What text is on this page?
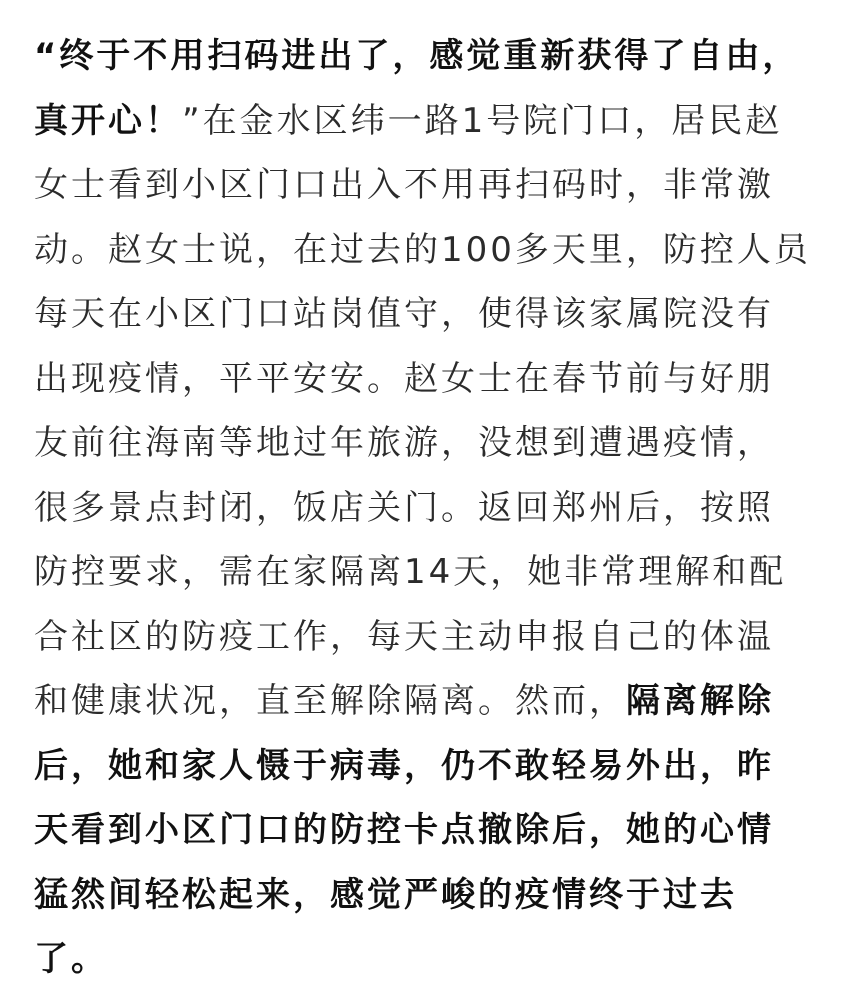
“终于不用扫码进出了，感觉重新获得了自由，
真开心！”在金水区纬一路1号院门口，居民赵
女士看到小区门口出入不用再扫码时，非常激
动。赵女士说，在过去的100多天里，防控人员
每天在小区门口站岗值守，使得该家属院没有
出现疫情，平平安安。赵女士在春节前与好朋
友前往海南等地过年旅游，没想到遭遇疫情，
很多景点封闭，饭店关门。返回郑州后，按照
防控要求，需在家隔离14天，她非常理解和配
合社区的防疫工作，每天主动申报自己的体温
和健康状况，直至解除隔离。然而，隔离解除
后，她和家人慑于病毒，仍不敢轻易外出，昨
天看到小区门口的防控卡点撤除后，她的心情
猛然间轻松起来，感觉严峻的疫情终于过去
了。
